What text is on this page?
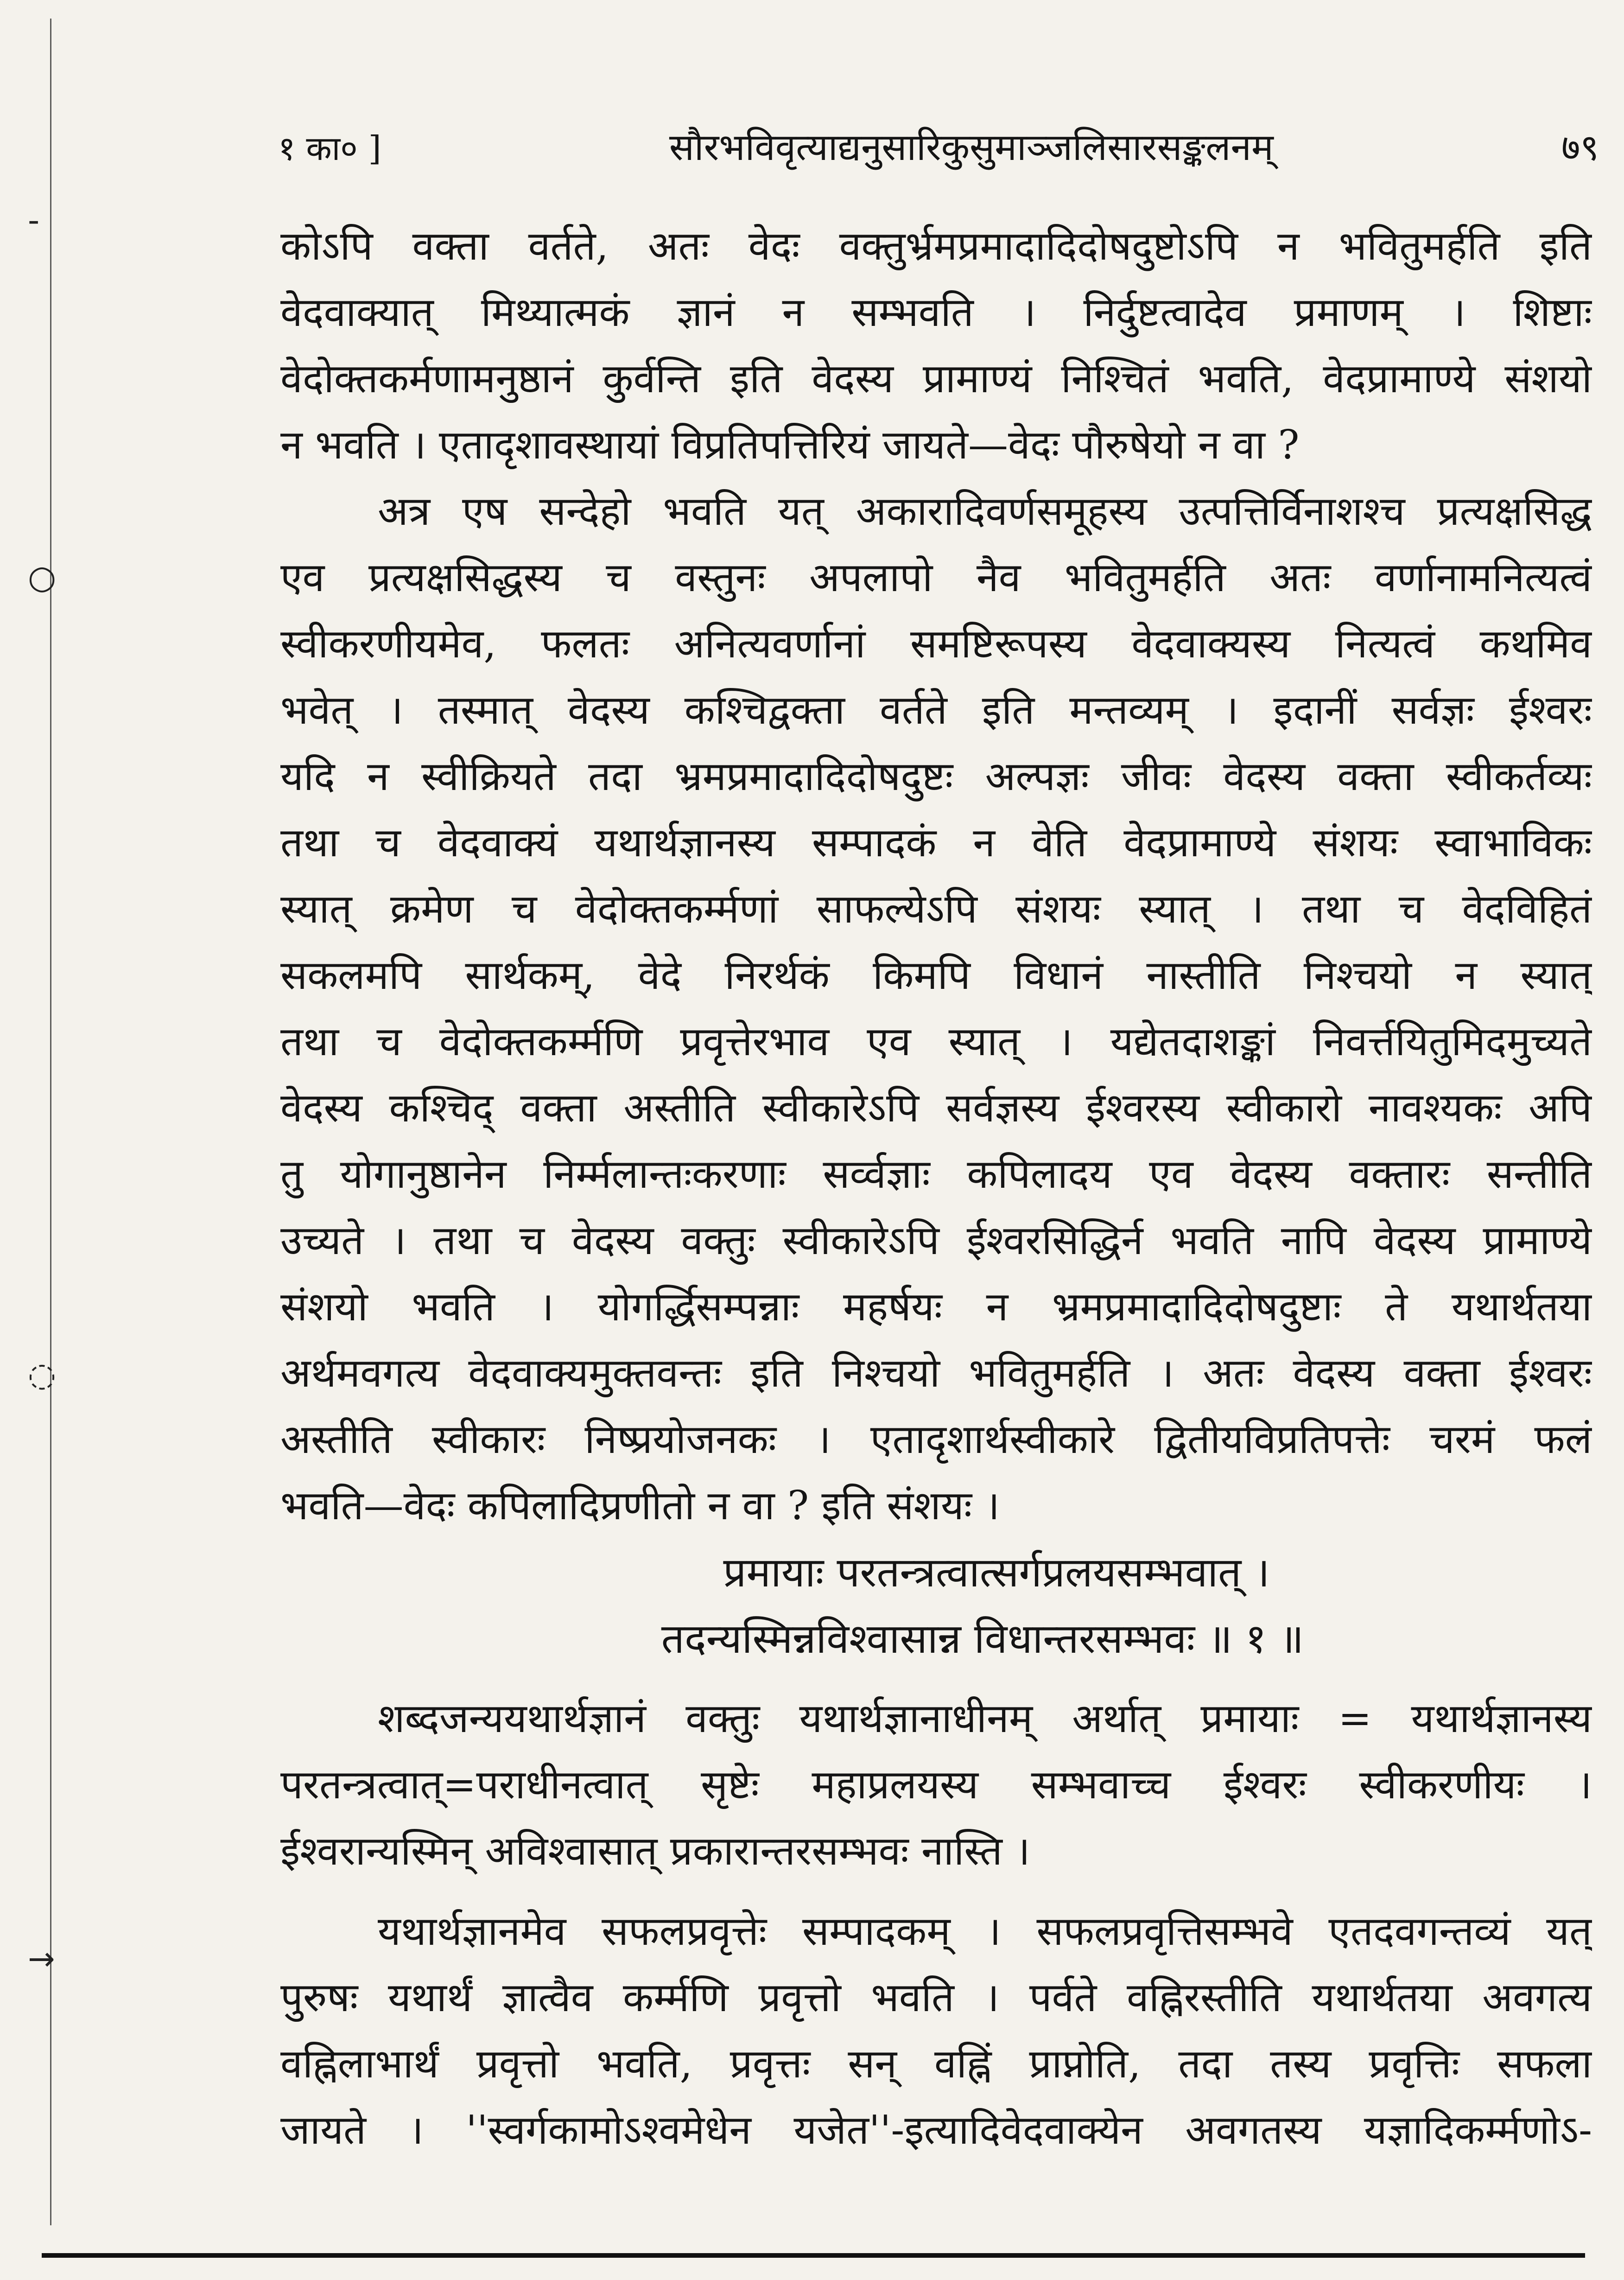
-
○
◌
→
१ का० ]	सौरभविवृत्याद्यनुसारिकुसुमाञ्जलिसारसङ्कलनम्	७९
कोऽपि वक्ता वर्तते, अतः वेदः वक्तुर्भ्रमप्रमादादिदोषदुष्टोऽपि न भवितुमर्हति इति
वेदवाक्यात् मिथ्यात्मकं ज्ञानं न सम्भवति । निर्दुष्टत्वादेव प्रमाणम् । शिष्टाः
वेदोक्तकर्मणामनुष्ठानं कुर्वन्ति इति वेदस्य प्रामाण्यं निश्चितं भवति, वेदप्रामाण्ये संशयो
न भवति । एतादृशावस्थायां विप्रतिपत्तिरियं जायते—वेदः पौरुषेयो न वा ?
अत्र एष सन्देहो भवति यत् अकारादिवर्णसमूहस्य उत्पत्तिर्विनाशश्च प्रत्यक्षसिद्ध
एव प्रत्यक्षसिद्धस्य च वस्तुनः अपलापो नैव भवितुमर्हति अतः वर्णानामनित्यत्वं
स्वीकरणीयमेव, फलतः अनित्यवर्णानां समष्टिरूपस्य वेदवाक्यस्य नित्यत्वं कथमिव
भवेत् । तस्मात् वेदस्य कश्चिद्वक्ता वर्तते इति मन्तव्यम् । इदानीं सर्वज्ञः ईश्वरः
यदि न स्वीक्रियते तदा भ्रमप्रमादादिदोषदुष्टः अल्पज्ञः जीवः वेदस्य वक्ता स्वीकर्तव्यः
तथा च वेदवाक्यं यथार्थज्ञानस्य सम्पादकं न वेति वेदप्रामाण्ये संशयः स्वाभाविकः
स्यात् क्रमेण च वेदोक्तकर्म्मणां साफल्येऽपि संशयः स्यात् । तथा च वेदविहितं
सकलमपि सार्थकम्, वेदे निरर्थकं किमपि विधानं नास्तीति निश्चयो न स्यात्
तथा च वेदोक्तकर्म्मणि प्रवृत्तेरभाव एव स्यात् । यद्येतदाशङ्कां निवर्त्तयितुमिदमुच्यते
वेदस्य कश्चिद् वक्ता अस्तीति स्वीकारेऽपि सर्वज्ञस्य ईश्वरस्य स्वीकारो नावश्यकः अपि
तु योगानुष्ठानेन निर्म्मलान्तःकरणाः सर्व्वज्ञाः कपिलादय एव वेदस्य वक्तारः सन्तीति
उच्यते । तथा च वेदस्य वक्तुः स्वीकारेऽपि ईश्वरसिद्धिर्न भवति नापि वेदस्य प्रामाण्ये
संशयो भवति । योगर्द्धिसम्पन्नाः महर्षयः न भ्रमप्रमादादिदोषदुष्टाः ते यथार्थतया
अर्थमवगत्य वेदवाक्यमुक्तवन्तः इति निश्चयो भवितुमर्हति । अतः वेदस्य वक्ता ईश्वरः
अस्तीति स्वीकारः निष्प्रयोजनकः । एतादृशार्थस्वीकारे द्वितीयविप्रतिपत्तेः चरमं फलं
भवति—वेदः कपिलादिप्रणीतो न वा ? इति संशयः ।
प्रमायाः परतन्त्रत्वात्सर्गप्रलयसम्भवात् ।
तदन्यस्मिन्नविश्वासान्न विधान्तरसम्भवः ॥ १ ॥
शब्दजन्ययथार्थज्ञानं वक्तुः यथार्थज्ञानाधीनम् अर्थात् प्रमायाः = यथार्थज्ञानस्य
परतन्त्रत्वात्=पराधीनत्वात् सृष्टेः महाप्रलयस्य सम्भवाच्च ईश्वरः स्वीकरणीयः ।
ईश्वरान्यस्मिन् अविश्वासात् प्रकारान्तरसम्भवः नास्ति ।
यथार्थज्ञानमेव सफलप्रवृत्तेः सम्पादकम् । सफलप्रवृत्तिसम्भवे एतदवगन्तव्यं यत्
पुरुषः यथार्थं ज्ञात्वैव कर्म्मणि प्रवृत्तो भवति । पर्वते वह्निरस्तीति यथार्थतया अवगत्य
वह्निलाभार्थं प्रवृत्तो भवति, प्रवृत्तः सन् वह्निं प्राप्नोति, तदा तस्य प्रवृत्तिः सफला
जायते । ''स्वर्गकामोऽश्वमेधेन यजेत''-इत्यादिवेदवाक्येन अवगतस्य यज्ञादिकर्म्मणोऽ-
